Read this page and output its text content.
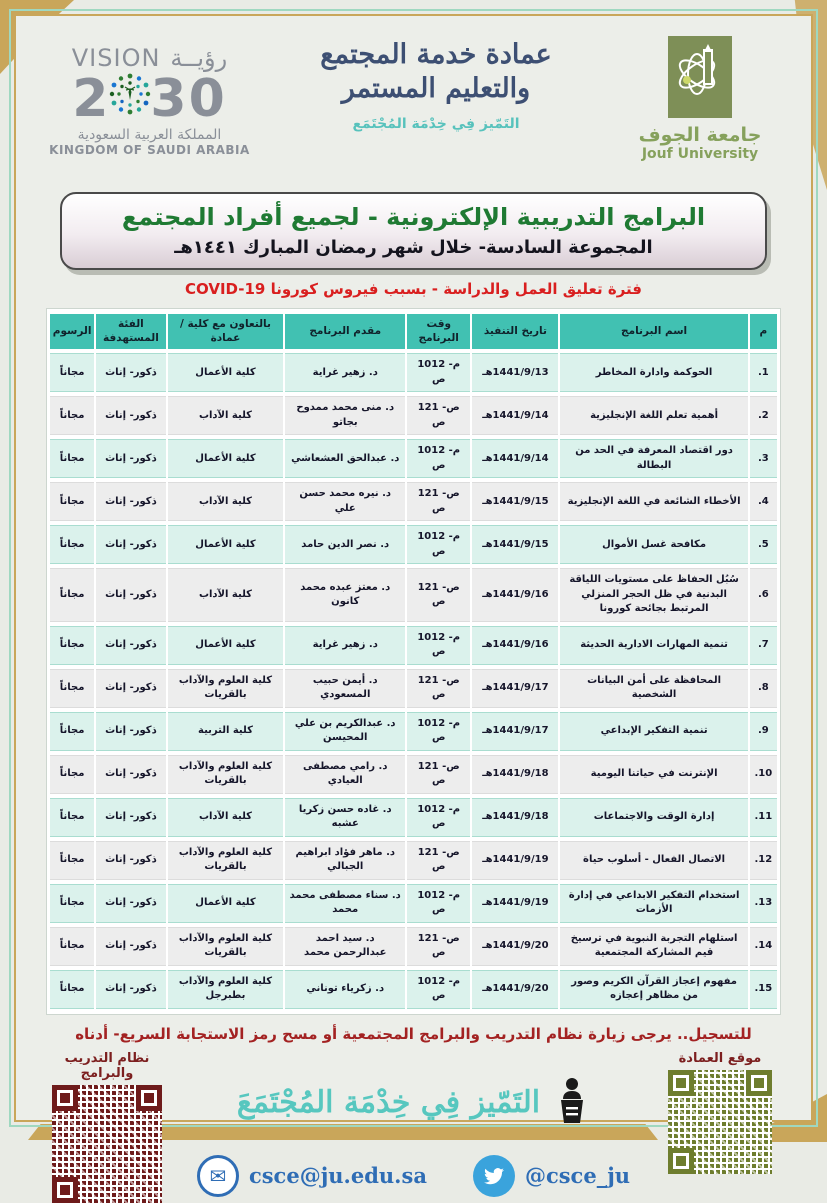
VISION رؤيــة
2 30
المملكة العربية السعودية
KINGDOM OF SAUDI ARABIA
عمادة خدمة المجتمع
والتعليم المستمر
التَمّيز فِي خِدْمَة المُجْتَمَع
جامعة الجوف
Jouf University
البرامج التدريبية الإلكترونية - لجميع أفراد المجتمع
المجموعة السادسة- خلال شهر رمضان المبارك ١٤٤١هـ
فترة تعليق العمل والدراسة - بسبب فيروس كورونا COVID-19
م	اسم البرنامج	تاريخ التنفيذ	وقت البرنامج	مقدم البرنامج	بالتعاون مع كلية / عمادة	الفئة المستهدفة	الرسوم
1.	الحوكمة وادارة المخاطر	1441/9/13هـ	10م- 12 ص	د. زهير غراية	كلية الأعمال	ذكور- إناث	مجاناً
2.	أهمية تعلم اللغة الإنجليزية	1441/9/14هـ	12ص- 1 ص	د. منى محمد ممدوح بجاتو	كلية الآداب	ذكور- إناث	مجاناً
3.	دور اقتصاد المعرفة في الحد من البطالة	1441/9/14هـ	10م- 12 ص	د. عبدالحق العشعاشي	كلية الأعمال	ذكور- إناث	مجاناً
4.	الأخطاء الشائعة في اللغة الإنجليزية	1441/9/15هـ	12ص- 1 ص	د. نيره محمد حسن علي	كلية الآداب	ذكور- إناث	مجاناً
5.	مكافحة غسل الأموال	1441/9/15هـ	10م- 12 ص	د. نصر الدين حامد	كلية الأعمال	ذكور- إناث	مجاناً
6.	سُبُل الحفاظ على مستويات اللياقة البدنية في ظل الحجر المنزلي المرتبط بجائحة كورونا	1441/9/16هـ	12ص- 1 ص	د. معتز عبده محمد كانون	كلية الآداب	ذكور- إناث	مجاناً
7.	تنمية المهارات الادارية الحديثة	1441/9/16هـ	10م- 12 ص	د. زهير غراية	كلية الأعمال	ذكور- إناث	مجاناً
8.	المحافظة على أمن البيانات الشخصية	1441/9/17هـ	12ص- 1 ص	د. أيمن حبيب المسعودي	كلية العلوم والآداب بالقريات	ذكور- إناث	مجاناً
9.	تنمية التفكير الإبداعي	1441/9/17هـ	10م- 12 ص	د. عبدالكريم بن علي المحيسن	كلية التربية	ذكور- إناث	مجاناً
10.	الإنترنت في حياتنا اليومية	1441/9/18هـ	12ص- 1 ص	د. رامي مصطفى العيادي	كلية العلوم والآداب بالقريات	ذكور- إناث	مجاناً
11.	إدارة الوقت والاجتماعات	1441/9/18هـ	10م- 12 ص	د. غاده حسن زكريا عشبه	كلية الآداب	ذكور- إناث	مجاناً
12.	الاتصال الفعال - أسلوب حياة	1441/9/19هـ	12ص- 1 ص	د. ماهر فؤاد ابراهيم الجبالي	كلية العلوم والآداب بالقريات	ذكور- إناث	مجاناً
13.	استخدام التفكير الابداعي في إدارة الأزمات	1441/9/19هـ	10م- 12 ص	د. سناء مصطفى محمد محمد	كلية الأعمال	ذكور- إناث	مجاناً
14.	استلهام التجربة النبوية في ترسيخ قيم المشاركة المجتمعية	1441/9/20هـ	12ص- 1 ص	د. سيد احمد عبدالرحمن محمد	كلية العلوم والآداب بالقريات	ذكور- إناث	مجاناً
15.	مفهوم إعجاز القرآن الكريم وصور من مظاهر إعجازه	1441/9/20هـ	10م- 12 ص	د. زكرياء توناني	كلية العلوم والآداب بطبرجل	ذكور- إناث	مجاناً
للتسجيل.. يرجى زيارة نظام التدريب والبرامج المجتمعية أو مسح رمز الاستجابة السريع- أدناه
نظام التدريب والبرامج
التَمّيز فِي خِدْمَة المُجْتَمَعَ
✉	csce@ju.edu.sa	@csce_ju
موقع العمادة
